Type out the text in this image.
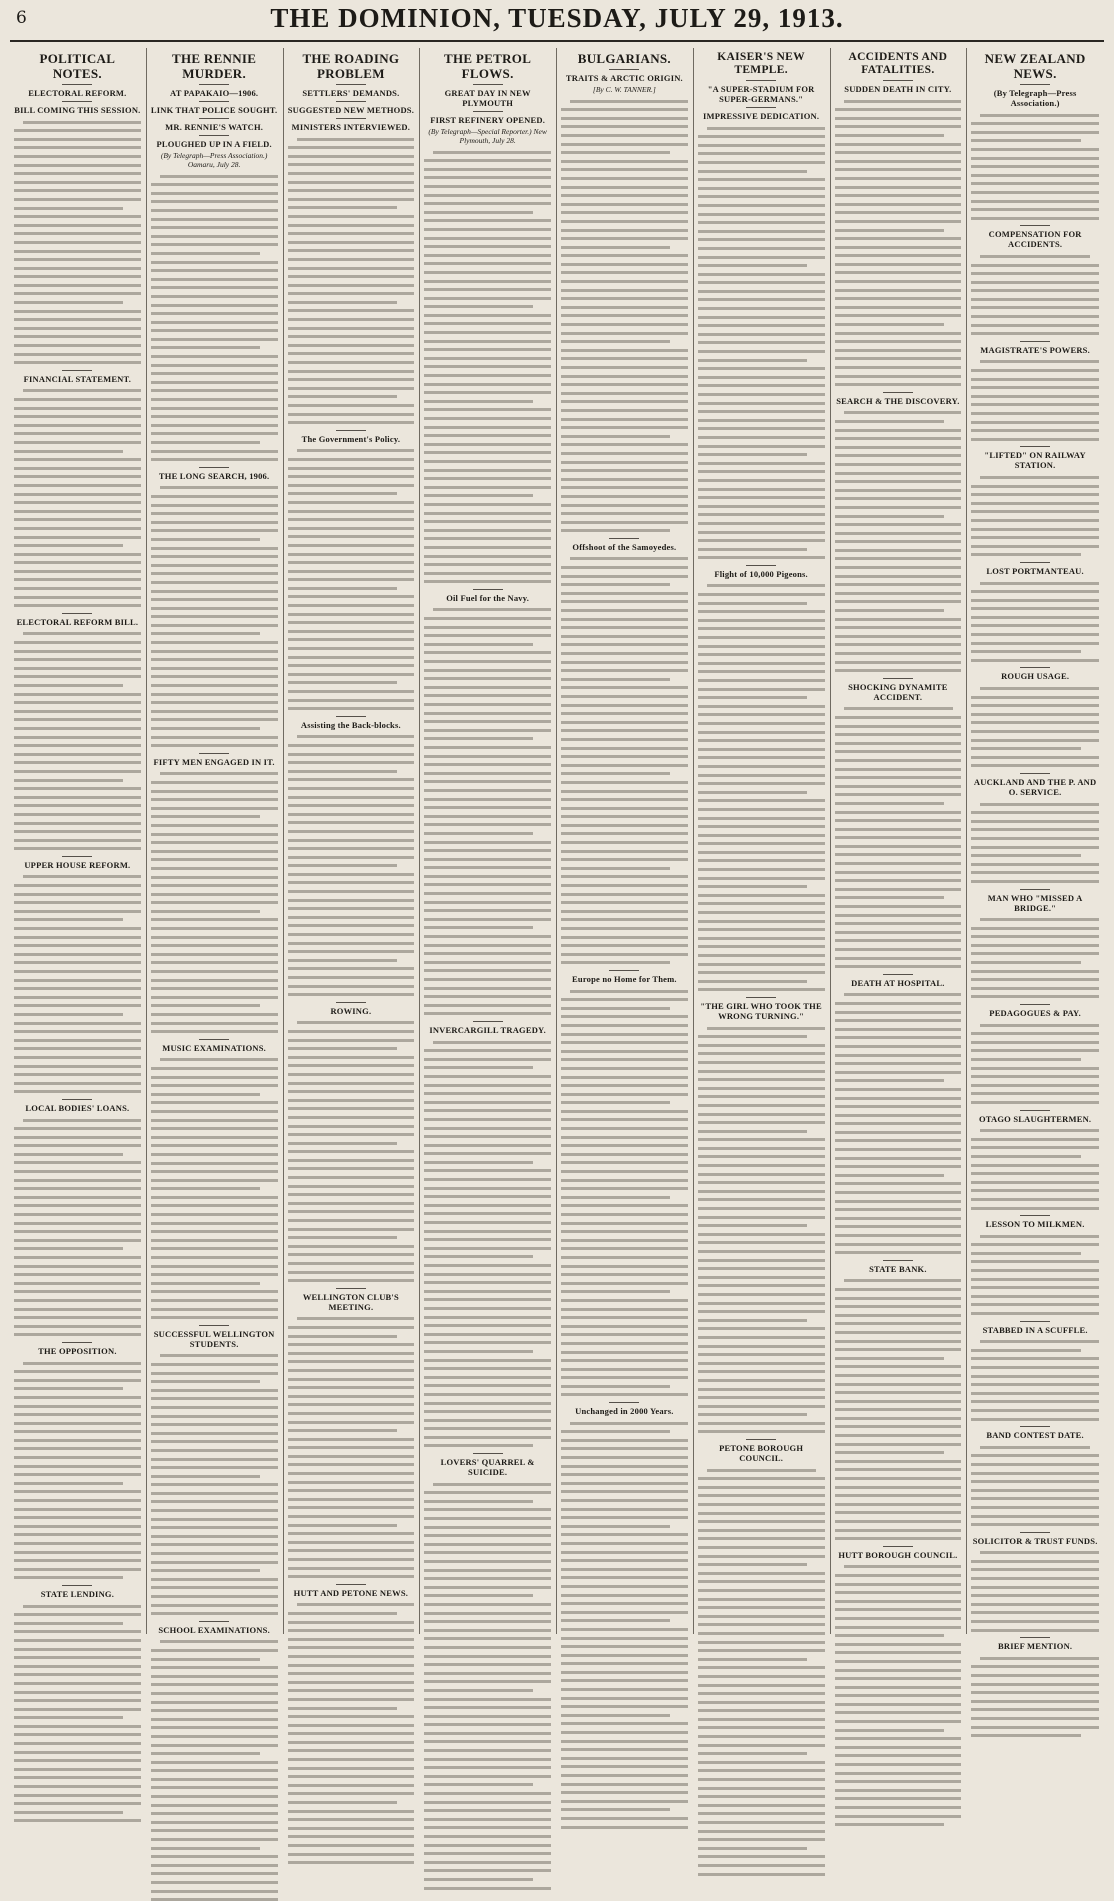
6	THE DOMINION, TUESDAY, JULY 29, 1913.
POLITICAL NOTES.
ELECTORAL REFORM.
BILL COMING THIS SESSION.
FINANCIAL STATEMENT.
ELECTORAL REFORM BILL.
UPPER HOUSE REFORM.
LOCAL BODIES' LOANS.
THE OPPOSITION.
STATE LENDING.
THE RENNIE MURDER.
AT PAPAKAIO—1906.
LINK THAT POLICE SOUGHT.
MR. RENNIE'S WATCH.
PLOUGHED UP IN A FIELD.
(By Telegraph—Press Association.) Oamaru, July 28.
THE LONG SEARCH, 1906.
FIFTY MEN ENGAGED IN IT.
MUSIC EXAMINATIONS.
SUCCESSFUL WELLINGTON STUDENTS.
SCHOOL EXAMINATIONS.
THE ROADING PROBLEM
SETTLERS' DEMANDS.
SUGGESTED NEW METHODS.
MINISTERS INTERVIEWED.
The Government's Policy.
Assisting the Back-blocks.
ROWING.
WELLINGTON CLUB'S MEETING.
HUTT AND PETONE NEWS.
THE PETROL FLOWS.
GREAT DAY IN NEW PLYMOUTH
FIRST REFINERY OPENED.
(By Telegraph—Special Reporter.) New Plymouth, July 28.
Oil Fuel for the Navy.
INVERCARGILL TRAGEDY.
LOVERS' QUARREL & SUICIDE.
BULGARIANS.
TRAITS & ARCTIC ORIGIN.
[By C. W. TANNER.]
Offshoot of the Samoyedes.
Europe no Home for Them.
Unchanged in 2000 Years.
KAISER'S NEW TEMPLE.
"A SUPER-STADIUM FOR SUPER-GERMANS."
IMPRESSIVE DEDICATION.
Flight of 10,000 Pigeons.
"THE GIRL WHO TOOK THE WRONG TURNING."
PETONE BOROUGH COUNCIL.
ACCIDENTS AND FATALITIES.
SUDDEN DEATH IN CITY.
SEARCH & THE DISCOVERY.
SHOCKING DYNAMITE ACCIDENT.
DEATH AT HOSPITAL.
STATE BANK.
HUTT BOROUGH COUNCIL.
NEW ZEALAND NEWS.
(By Telegraph—Press Association.)
COMPENSATION FOR ACCIDENTS.
MAGISTRATE'S POWERS.
"LIFTED" ON RAILWAY STATION.
LOST PORTMANTEAU.
ROUGH USAGE.
AUCKLAND AND THE P. AND O. SERVICE.
MAN WHO "MISSED A BRIDGE."
PEDAGOGUES & PAY.
OTAGO SLAUGHTERMEN.
LESSON TO MILKMEN.
STABBED IN A SCUFFLE.
BAND CONTEST DATE.
SOLICITOR & TRUST FUNDS.
BRIEF MENTION.
